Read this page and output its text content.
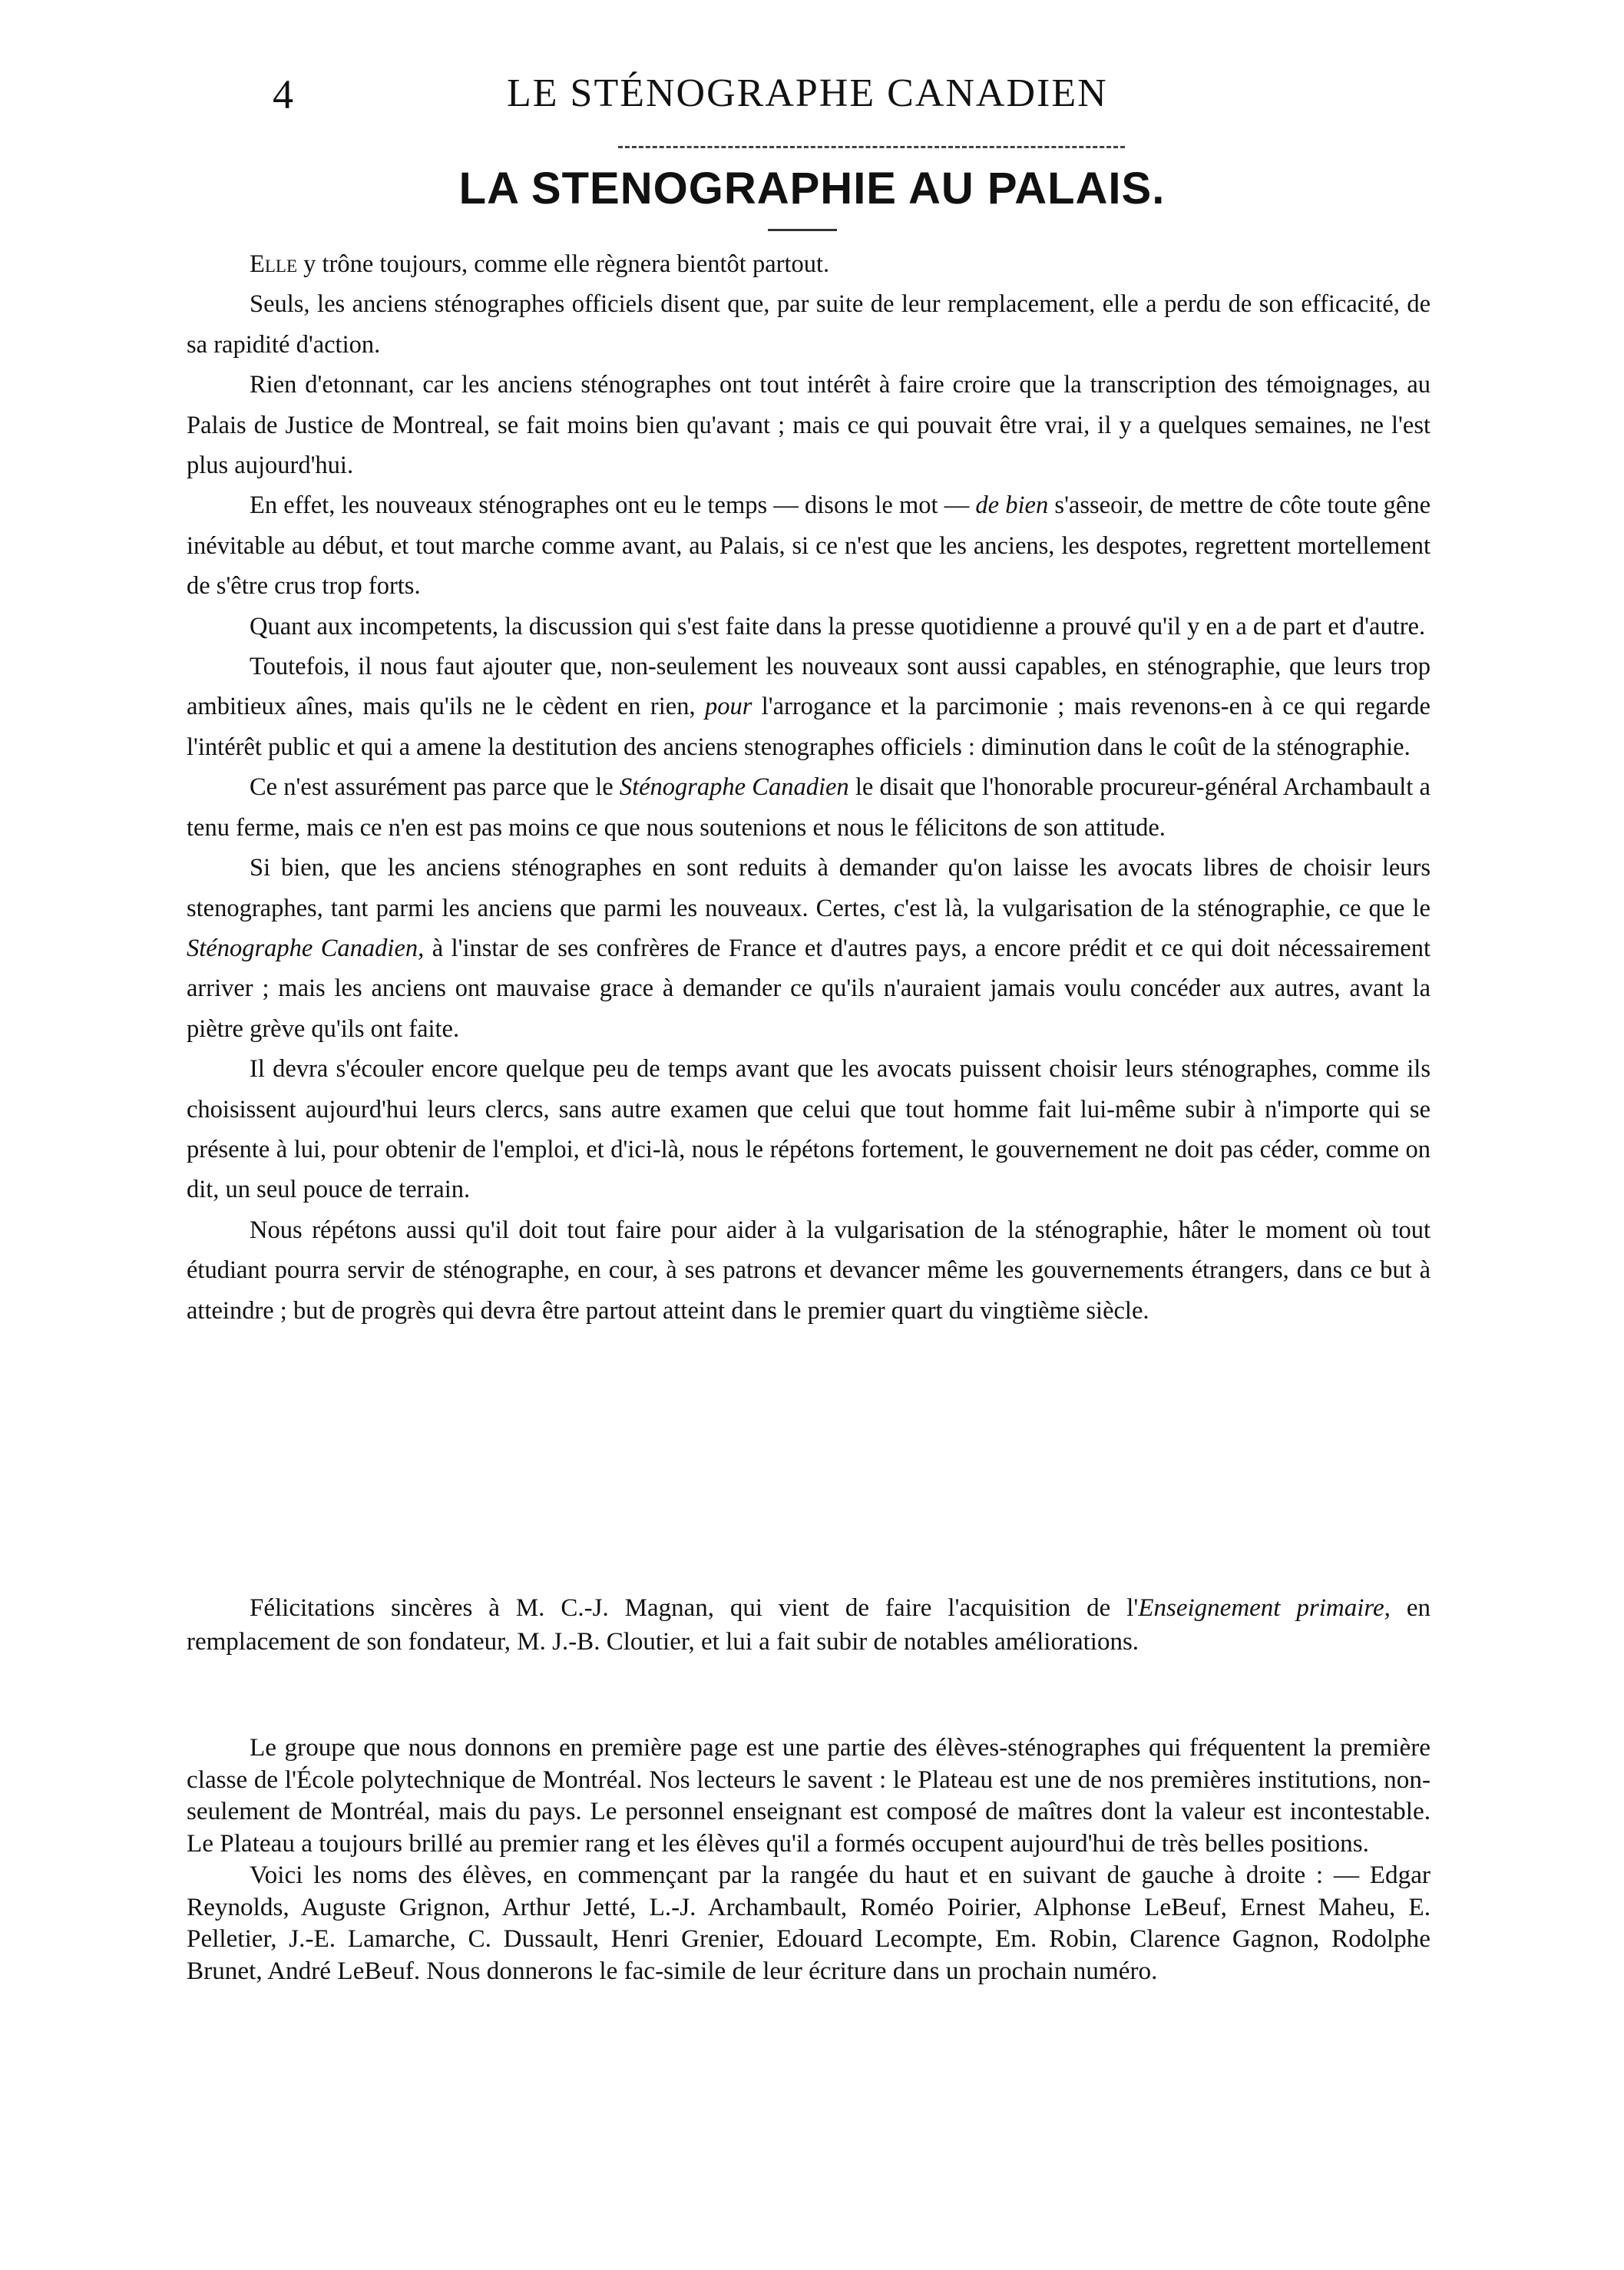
4	LE STÉNOGRAPHE CANADIEN
LA STENOGRAPHIE AU PALAIS.

Elle y trône toujours, comme elle règnera bientôt partout.

Seuls, les anciens sténographes officiels disent que, par suite de leur remplacement, elle a perdu de son efficacité, de sa rapidité d'action.

Rien d'etonnant, car les anciens sténographes ont tout intérêt à faire croire que la transcription des témoignages, au Palais de Justice de Montreal, se fait moins bien qu'avant ; mais ce qui pouvait être vrai, il y a quelques semaines, ne l'est plus aujourd'hui.

En effet, les nouveaux sténographes ont eu le temps — disons le mot — de bien s'asseoir, de mettre de côte toute gêne inévitable au début, et tout marche comme avant, au Palais, si ce n'est que les anciens, les despotes, regrettent mortellement de s'être crus trop forts.

Quant aux incompetents, la discussion qui s'est faite dans la presse quotidienne a prouvé qu'il y en a de part et d'autre.

Toutefois, il nous faut ajouter que, non-seulement les nouveaux sont aussi capables, en sténographie, que leurs trop ambitieux aînes, mais qu'ils ne le cèdent en rien, pour l'arrogance et la parcimonie ; mais revenons-en à ce qui regarde l'intérêt public et qui a amene la destitution des anciens stenographes officiels : diminution dans le coût de la sténographie.

Ce n'est assurément pas parce que le Sténographe Canadien le disait que l'honorable procureur-général Archambault a tenu ferme, mais ce n'en est pas moins ce que nous soutenions et nous le félicitons de son attitude.

Si bien, que les anciens sténographes en sont reduits à demander qu'on laisse les avocats libres de choisir leurs stenographes, tant parmi les anciens que parmi les nouveaux. Certes, c'est là, la vulgarisation de la sténographie, ce que le Sténographe Canadien, à l'instar de ses confrères de France et d'autres pays, a encore prédit et ce qui doit nécessairement arriver ; mais les anciens ont mauvaise grace à demander ce qu'ils n'auraient jamais voulu concéder aux autres, avant la piètre grève qu'ils ont faite.

Il devra s'écouler encore quelque peu de temps avant que les avocats puissent choisir leurs sténographes, comme ils choisissent aujourd'hui leurs clercs, sans autre examen que celui que tout homme fait lui-même subir à n'importe qui se présente à lui, pour obtenir de l'emploi, et d'ici-là, nous le répétons fortement, le gouvernement ne doit pas céder, comme on dit, un seul pouce de terrain.

Nous répétons aussi qu'il doit tout faire pour aider à la vulgarisation de la sténographie, hâter le moment où tout étudiant pourra servir de sténographe, en cour, à ses patrons et devancer même les gouvernements étrangers, dans ce but à atteindre ; but de progrès qui devra être partout atteint dans le premier quart du vingtième siècle.

Félicitations sincères à M. C.-J. Magnan, qui vient de faire l'acquisition de l'Enseignement primaire, en remplacement de son fondateur, M. J.-B. Cloutier, et lui a fait subir de notables améliorations.

Le groupe que nous donnons en première page est une partie des élèves-sténographes qui fréquentent la première classe de l'École polytechnique de Montréal. Nos lecteurs le savent : le Plateau est une de nos premières institutions, non-seulement de Montréal, mais du pays. Le personnel enseignant est composé de maîtres dont la valeur est incontestable. Le Plateau a toujours brillé au premier rang et les élèves qu'il a formés occupent aujourd'hui de très belles positions.

Voici les noms des élèves, en commençant par la rangée du haut et en suivant de gauche à droite : — Edgar Reynolds, Auguste Grignon, Arthur Jetté, L.-J. Archambault, Roméo Poirier, Alphonse LeBeuf, Ernest Maheu, E. Pelletier, J.-E. Lamarche, C. Dussault, Henri Grenier, Edouard Lecompte, Em. Robin, Clarence Gagnon, Rodolphe Brunet, André LeBeuf. Nous donnerons le fac-simile de leur écriture dans un prochain numéro.
